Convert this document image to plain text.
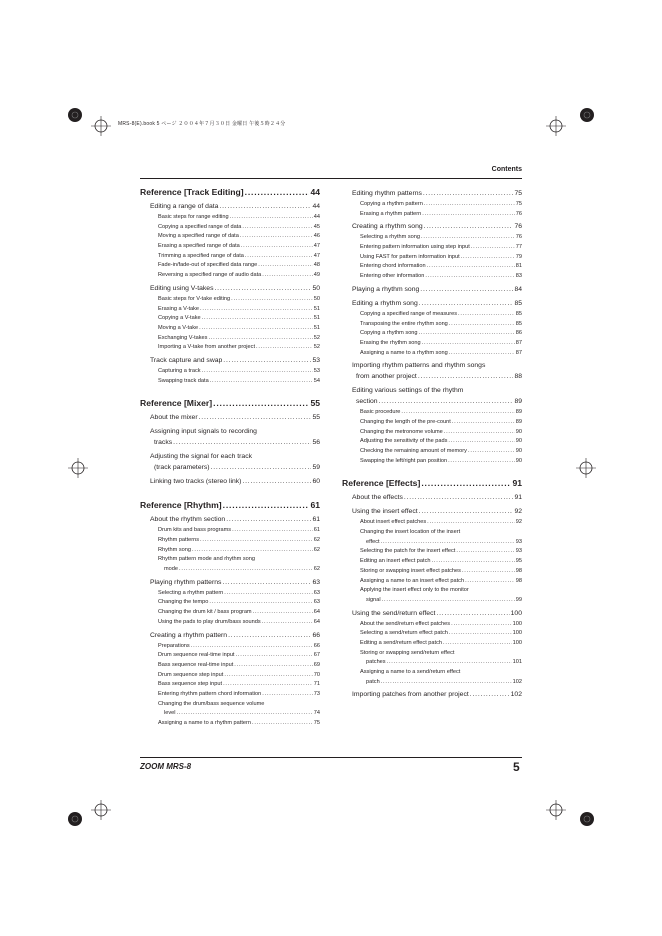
MRS-8(E).book 5 ページ ２００４年７月３０日 金曜日 午後５時２４分
Contents
Reference [Track Editing] .....	44
Editing a range of data .....	44
Basic steps for range editing .....	44
Copying a specified range of data .....	45
Moving a specified range of data .....	46
Erasing a specified range of data .....	47
Trimming a specified range of data .....	47
Fade-in/fade-out of specified data range .....	48
Reversing a specified range of audio data .....	49
Editing using V-takes .....	50
Basic steps for V-take editing .....	50
Erasing a V-take .....	51
Copying a V-take .....	51
Moving a V-take .....	51
Exchanging V-takes .....	52
Importing a V-take from another project .....	52
Track capture and swap .....	53
Capturing a track .....	53
Swapping track data .....	54
Reference [Mixer] .....	55
About the mixer .....	55
Assigning input signals to recording
tracks .....	56
Adjusting the signal for each track
(track parameters) .....	59
Linking two tracks (stereo link) .....	60
Reference [Rhythm] .....	61
About the rhythm section .....	61
Drum kits and bass programs .....	61
Rhythm patterns .....	62
Rhythm song .....	62
Rhythm pattern mode and rhythm song
mode .....	62
Playing rhythm patterns .....	63
Selecting a rhythm pattern .....	63
Changing the tempo .....	63
Changing the drum kit / bass program .....	64
Using the pads to play drum/bass sounds .....	64
Creating a rhythm pattern .....	66
Preparations .....	66
Drum sequence real-time input .....	67
Bass sequence real-time input .....	69
Drum sequence step input .....	70
Bass sequence step input .....	71
Entering rhythm pattern chord information .....	73
Changing the drum/bass sequence volume
level .....	74
Assigning a name to a rhythm pattern .....	75
Editing rhythm patterns .....	75
Copying a rhythm pattern .....	75
Erasing a rhythm pattern .....	76
Creating a rhythm song .....	76
Selecting a rhythm song .....	76
Entering pattern information using step input .....	77
Using FAST for pattern information input .....	79
Entering chord information .....	81
Entering other information .....	83
Playing a rhythm song .....	84
Editing a rhythm song .....	85
Copying a specified range of measures .....	85
Transposing the entire rhythm song .....	85
Copying a rhythm song .....	86
Erasing the rhythm song .....	87
Assigning a name to a rhythm song .....	87
Importing rhythm patterns and rhythm songs
from another project .....	88
Editing various settings of the rhythm
section .....	89
Basic procedure .....	89
Changing the length of the pre-count .....	89
Changing the metronome volume .....	90
Adjusting the sensitivity of the pads .....	90
Checking the remaining amount of memory .....	90
Swapping the left/right pan position .....	90
Reference [Effects] .....	91
About the effects .....	91
Using the insert effect .....	92
About insert effect patches .....	92
Changing the insert location of the insert
effect .....	93
Selecting the patch for the insert effect .....	93
Editing an insert effect patch .....	95
Storing or swapping insert effect patches .....	98
Assigning a name to an insert effect patch .....	98
Applying the insert effect only to the monitor
signal .....	99
Using the send/return effect .....	100
About the send/return effect patches .....	100
Selecting a send/return effect patch .....	100
Editing a send/return effect patch .....	100
Storing or swapping send/return effect
patches .....	101
Assigning a name to a send/return effect
patch .....	102
Importing patches from another project .....	102
ZOOM MRS-8	5
